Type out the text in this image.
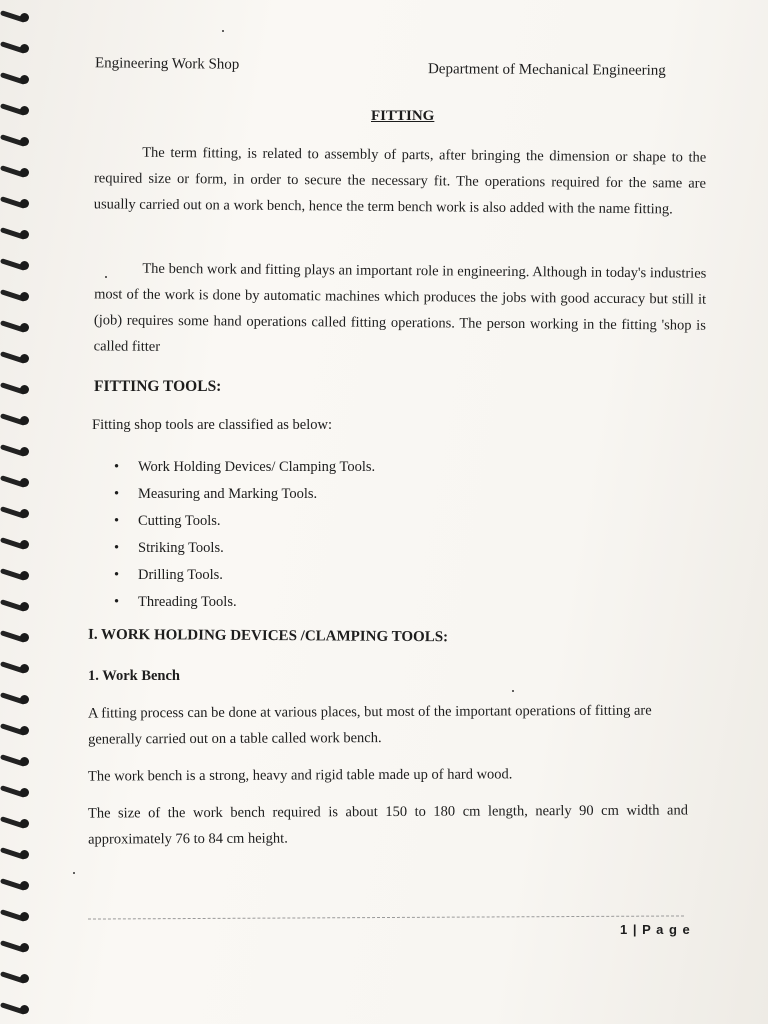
Engineering Work Shop	Department of Mechanical Engineering
FITTING
The term fitting, is related to assembly of parts, after bringing the dimension or shape to the required size or form, in order to secure the necessary fit. The operations required for the same are usually carried out on a work bench, hence the term bench work is also added with the name fitting.
The bench work and fitting plays an important role in engineering. Although in today's industries most of the work is done by automatic machines which produces the jobs with good accuracy but still it (job) requires some hand operations called fitting operations. The person working in the fitting 'shop is called fitter
FITTING TOOLS:
Fitting shop tools are classified as below:
• Work Holding Devices/ Clamping Tools.
• Measuring and Marking Tools.
• Cutting Tools.
• Striking Tools.
• Drilling Tools.
• Threading Tools.
I. WORK HOLDING DEVICES /CLAMPING TOOLS:
1. Work Bench
A fitting process can be done at various places, but most of the important operations of fitting are generally carried out on a table called work bench.
The work bench is a strong, heavy and rigid table made up of hard wood.
The size of the work bench required is about 150 to 180 cm length, nearly 90 cm width and approximately 76 to 84 cm height.
1 | P a g e
